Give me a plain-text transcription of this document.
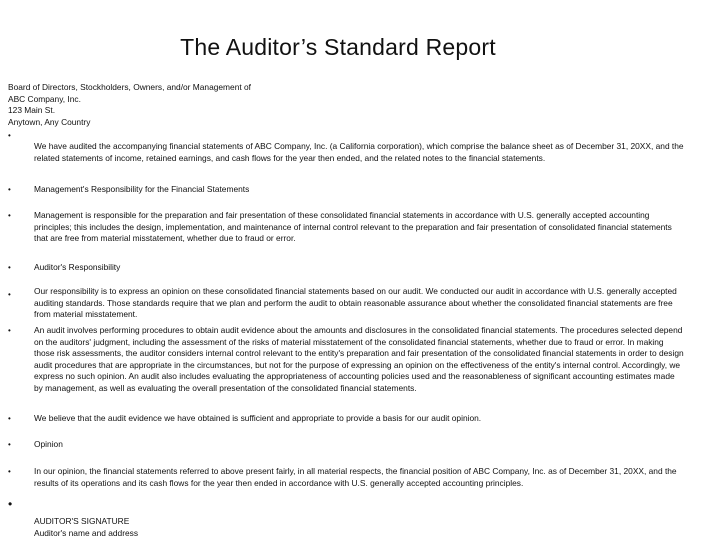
The Auditor’s Standard Report
Board of Directors, Stockholders, Owners, and/or Management of
ABC Company, Inc.
123 Main St.
Anytown, Any Country
•
•
•
•
•
•
•
•
•
•

We have audited the accompanying financial statements of ABC Company, Inc. (a California corporation), which comprise the balance sheet as of December 31, 20XX, and the related statements of income, retained earnings, and cash flows for the year then ended, and the related notes to the financial statements.

Management's Responsibility for the Financial Statements

Management is responsible for the preparation and fair presentation of these consolidated financial statements in accordance with U.S. generally accepted accounting principles; this includes the design, implementation, and maintenance of internal control relevant to the preparation and fair presentation of consolidated financial statements that are free from material misstatement, whether due to fraud or error.

Auditor's Responsibility

Our responsibility is to express an opinion on these consolidated financial statements based on our audit. We conducted our audit in accordance with U.S. generally accepted auditing standards. Those standards require that we plan and perform the audit to obtain reasonable assurance about whether the consolidated financial statements are free from material misstatement.

An audit involves performing procedures to obtain audit evidence about the amounts and disclosures in the consolidated financial statements. The procedures selected depend on the auditors' judgment, including the assessment of the risks of material misstatement of the consolidated financial statements, whether due to fraud or error. In making those risk assessments, the auditor considers internal control relevant to the entity's preparation and fair presentation of the consolidated financial statements in order to design audit procedures that are appropriate in the circumstances, but not for the purpose of expressing an opinion on the effectiveness of the entity's internal control. Accordingly, we express no such opinion. An audit also includes evaluating the appropriateness of accounting policies used and the reasonableness of significant accounting estimates made by management, as well as evaluating the overall presentation of the consolidated financial statements.

We believe that the audit evidence we have obtained is sufficient and appropriate to provide a basis for our audit opinion.

Opinion

In our opinion, the financial statements referred to above present fairly, in all material respects, the financial position of ABC Company, Inc. as of December 31, 20XX, and the results of its operations and its cash flows for the year then ended in accordance with U.S. generally accepted accounting principles.

AUDITOR'S SIGNATURE

Auditor's name and address
